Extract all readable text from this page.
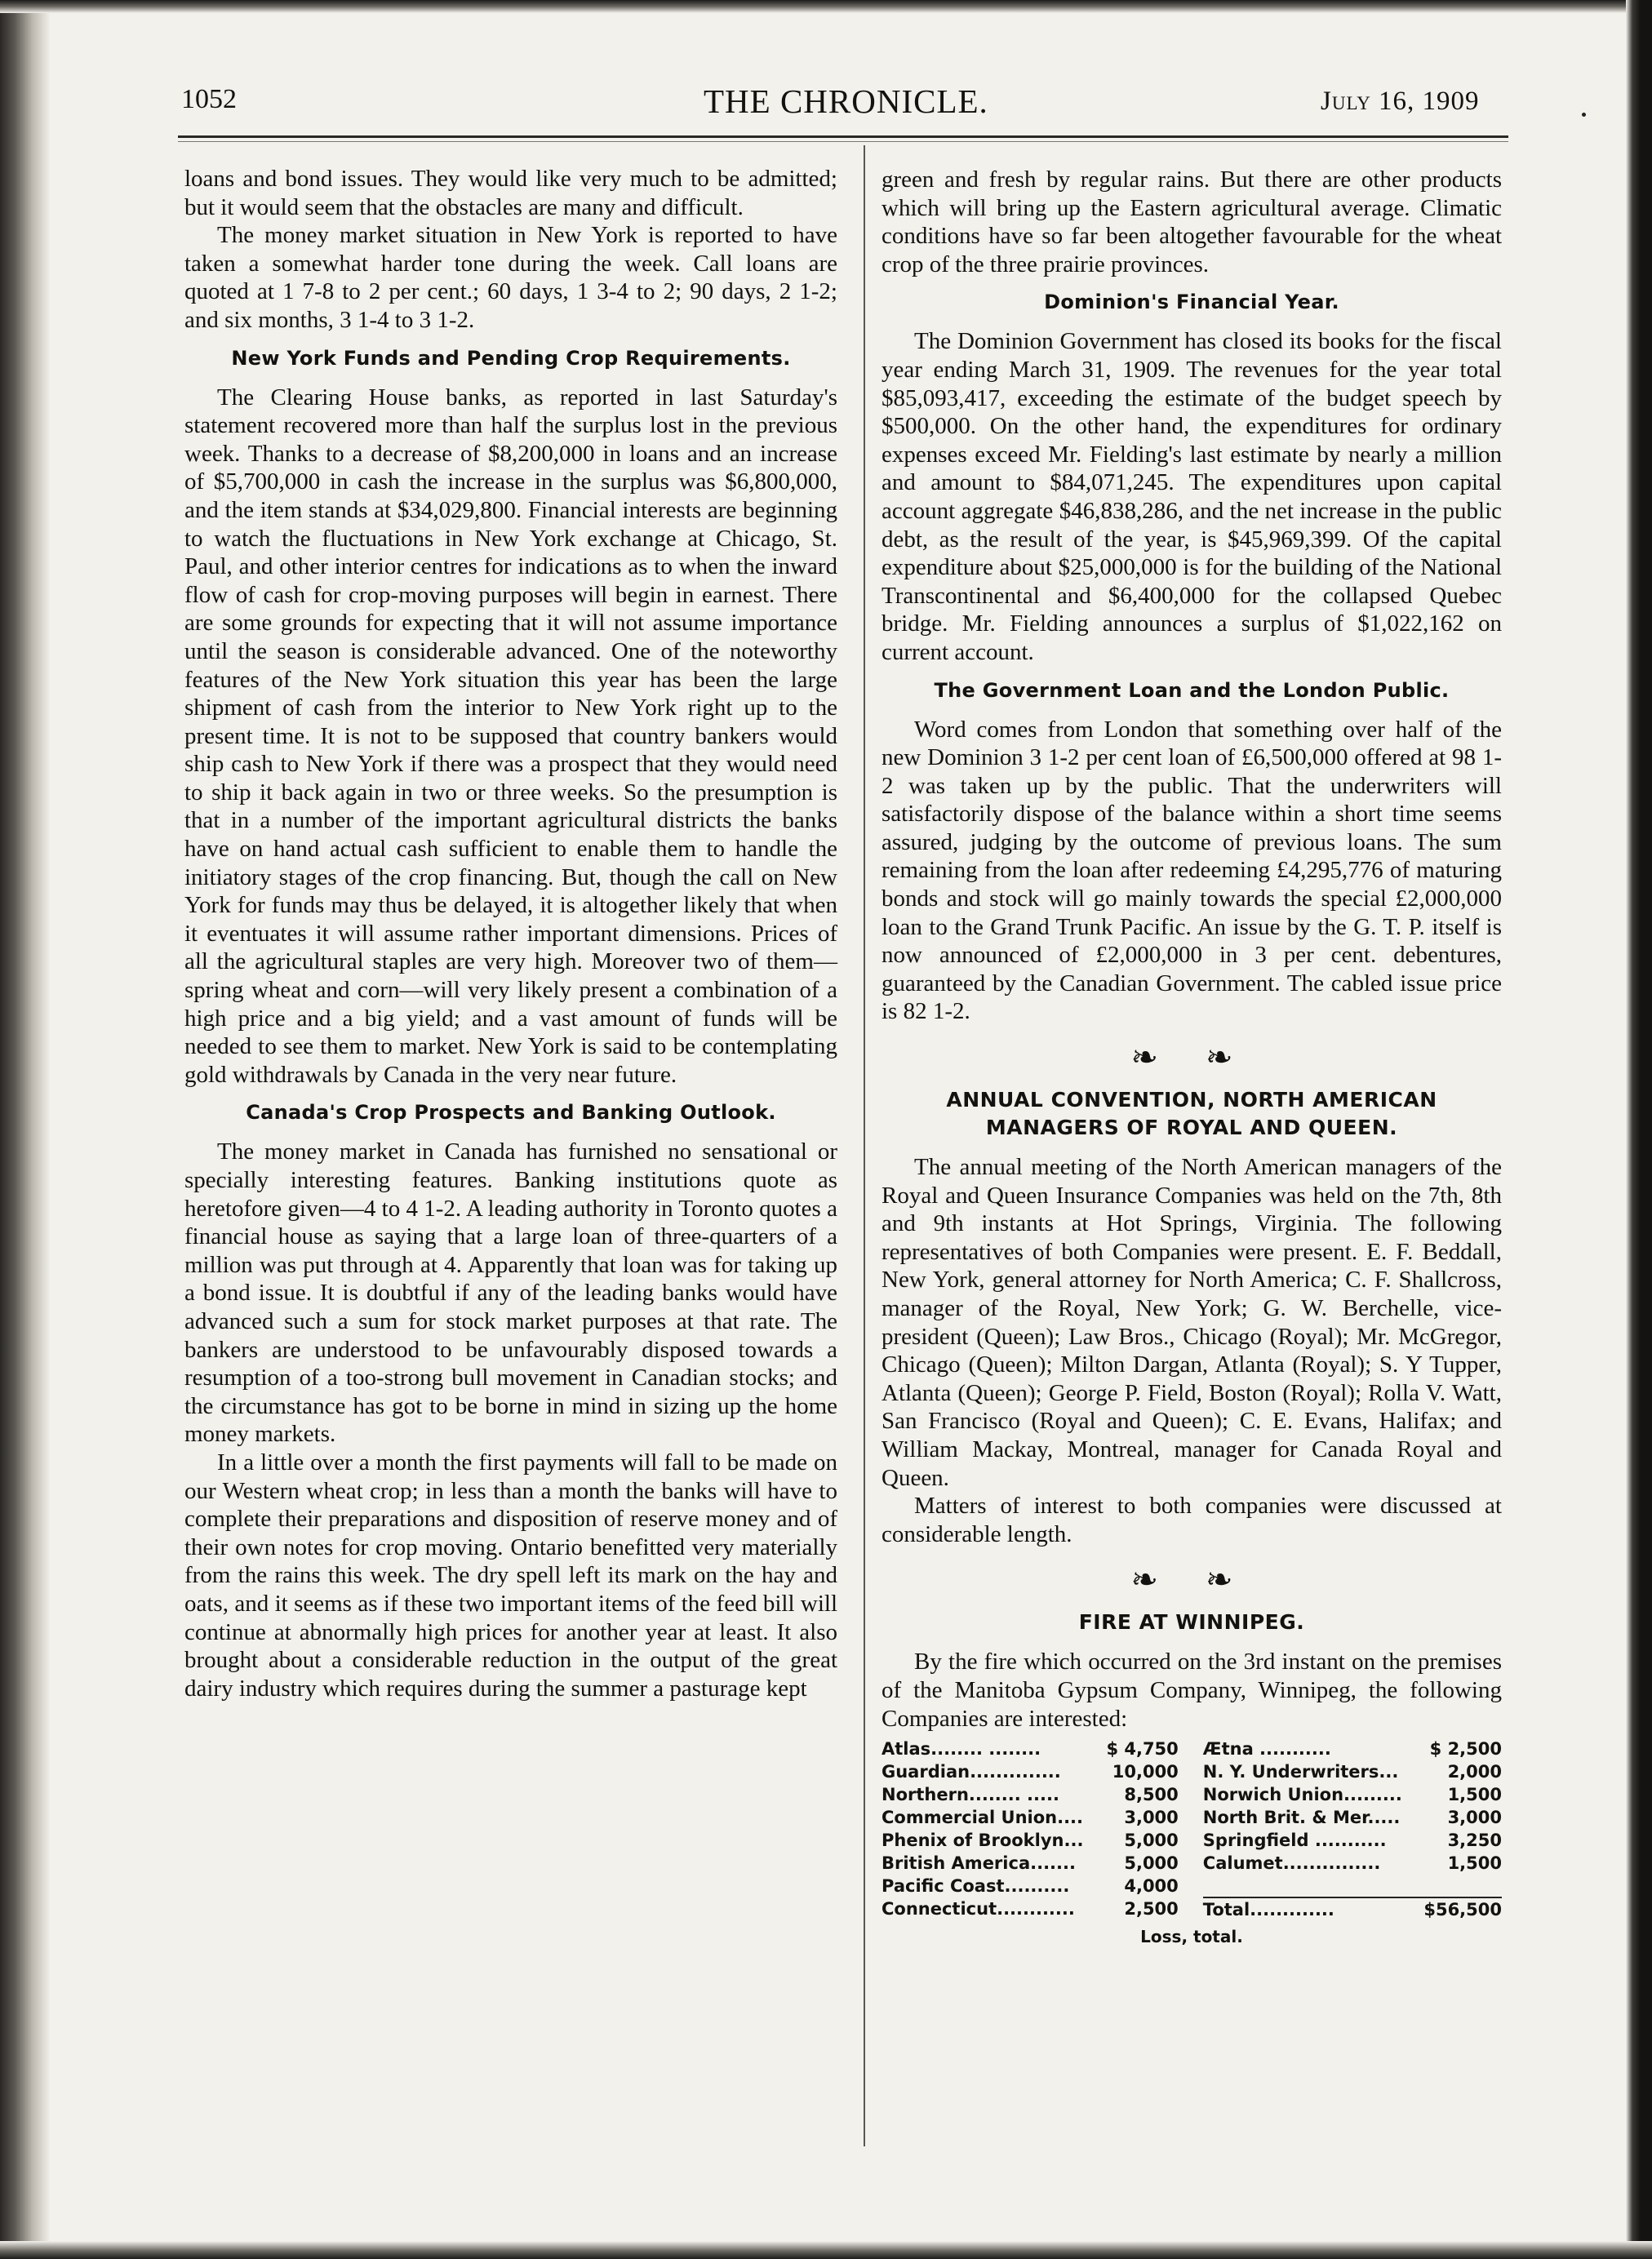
1052	THE CHRONICLE.	July 16, 1909

loans and bond issues. They would like very much to be admitted; but it would seem that the obstacles are many and difficult.

The money market situation in New York is reported to have taken a somewhat harder tone during the week. Call loans are quoted at 1 7-8 to 2 per cent.; 60 days, 1 3-4 to 2; 90 days, 2 1-2; and six months, 3 1-4 to 3 1-2.

New York Funds and Pending Crop Requirements.

The Clearing House banks, as reported in last Saturday's statement recovered more than half the surplus lost in the previous week. Thanks to a decrease of $8,200,000 in loans and an increase of $5,700,000 in cash the increase in the surplus was $6,800,000, and the item stands at $34,029,800. Financial interests are beginning to watch the fluctuations in New York exchange at Chicago, St. Paul, and other interior centres for indications as to when the inward flow of cash for crop-moving purposes will begin in earnest. There are some grounds for expecting that it will not assume importance until the season is considerable advanced. One of the noteworthy features of the New York situation this year has been the large shipment of cash from the interior to New York right up to the present time. It is not to be supposed that country bankers would ship cash to New York if there was a prospect that they would need to ship it back again in two or three weeks. So the presumption is that in a number of the important agricultural districts the banks have on hand actual cash sufficient to enable them to handle the initiatory stages of the crop financing. But, though the call on New York for funds may thus be delayed, it is altogether likely that when it eventuates it will assume rather important dimensions. Prices of all the agricultural staples are very high. Moreover two of them—spring wheat and corn—will very likely present a combination of a high price and a big yield; and a vast amount of funds will be needed to see them to market. New York is said to be contemplating gold withdrawals by Canada in the very near future.

Canada's Crop Prospects and Banking Outlook.

The money market in Canada has furnished no sensational or specially interesting features. Banking institutions quote as heretofore given—4 to 4 1-2. A leading authority in Toronto quotes a financial house as saying that a large loan of three-quarters of a million was put through at 4. Apparently that loan was for taking up a bond issue. It is doubtful if any of the leading banks would have advanced such a sum for stock market purposes at that rate. The bankers are understood to be unfavourably disposed towards a resumption of a too-strong bull movement in Canadian stocks; and the circumstance has got to be borne in mind in sizing up the home money markets.

In a little over a month the first payments will fall to be made on our Western wheat crop; in less than a month the banks will have to complete their preparations and disposition of reserve money and of their own notes for crop moving. Ontario benefitted very materially from the rains this week. The dry spell left its mark on the hay and oats, and it seems as if these two important items of the feed bill will continue at abnormally high prices for another year at least. It also brought about a considerable reduction in the output of the great dairy industry which requires during the summer a pasturage kept

green and fresh by regular rains. But there are other products which will bring up the Eastern agricultural average. Climatic conditions have so far been altogether favourable for the wheat crop of the three prairie provinces.

Dominion's Financial Year.

The Dominion Government has closed its books for the fiscal year ending March 31, 1909. The revenues for the year total $85,093,417, exceeding the estimate of the budget speech by $500,000. On the other hand, the expenditures for ordinary expenses exceed Mr. Fielding's last estimate by nearly a million and amount to $84,071,245. The expenditures upon capital account aggregate $46,838,286, and the net increase in the public debt, as the result of the year, is $45,969,399. Of the capital expenditure about $25,000,000 is for the building of the National Transcontinental and $6,400,000 for the collapsed Quebec bridge. Mr. Fielding announces a surplus of $1,022,162 on current account.

The Government Loan and the London Public.

Word comes from London that something over half of the new Dominion 3 1-2 per cent loan of £6,500,000 offered at 98 1-2 was taken up by the public. That the underwriters will satisfactorily dispose of the balance within a short time seems assured, judging by the outcome of previous loans. The sum remaining from the loan after redeeming £4,295,776 of maturing bonds and stock will go mainly towards the special £2,000,000 loan to the Grand Trunk Pacific. An issue by the G. T. P. itself is now announced of £2,000,000 in 3 per cent. debentures, guaranteed by the Canadian Government. The cabled issue price is 82 1-2.

❧ ❧
ANNUAL CONVENTION, NORTH AMERICAN MANAGERS OF ROYAL AND QUEEN.

The annual meeting of the North American managers of the Royal and Queen Insurance Companies was held on the 7th, 8th and 9th instants at Hot Springs, Virginia. The following representatives of both Companies were present. E. F. Beddall, New York, general attorney for North America; C. F. Shallcross, manager of the Royal, New York; G. W. Berchelle, vice-president (Queen); Law Bros., Chicago (Royal); Mr. McGregor, Chicago (Queen); Milton Dargan, Atlanta (Royal); S. Y Tupper, Atlanta (Queen); George P. Field, Boston (Royal); Rolla V. Watt, San Francisco (Royal and Queen); C. E. Evans, Halifax; and William Mackay, Montreal, manager for Canada Royal and Queen.

Matters of interest to both companies were discussed at considerable length.

❧ ❧
FIRE AT WINNIPEG.

By the fire which occurred on the 3rd instant on the premises of the Manitoba Gypsum Company, Winnipeg, the following Companies are interested:

Atlas........ ........	$ 4,750	Ætna ...........	$ 2,500
Guardian..............	10,000	N. Y. Underwriters...	2,000
Northern........ .....	8,500	Norwich Union.........	1,500
Commercial Union....	3,000	North Brit. & Mer.....	3,000
Phenix of Brooklyn...	5,000	Springfield ...........	3,250
British America.......	5,000	Calumet...............	1,500
Pacific Coast..........	4,000		
Connecticut............	2,500	Total.............	$56,500
Loss, total.
